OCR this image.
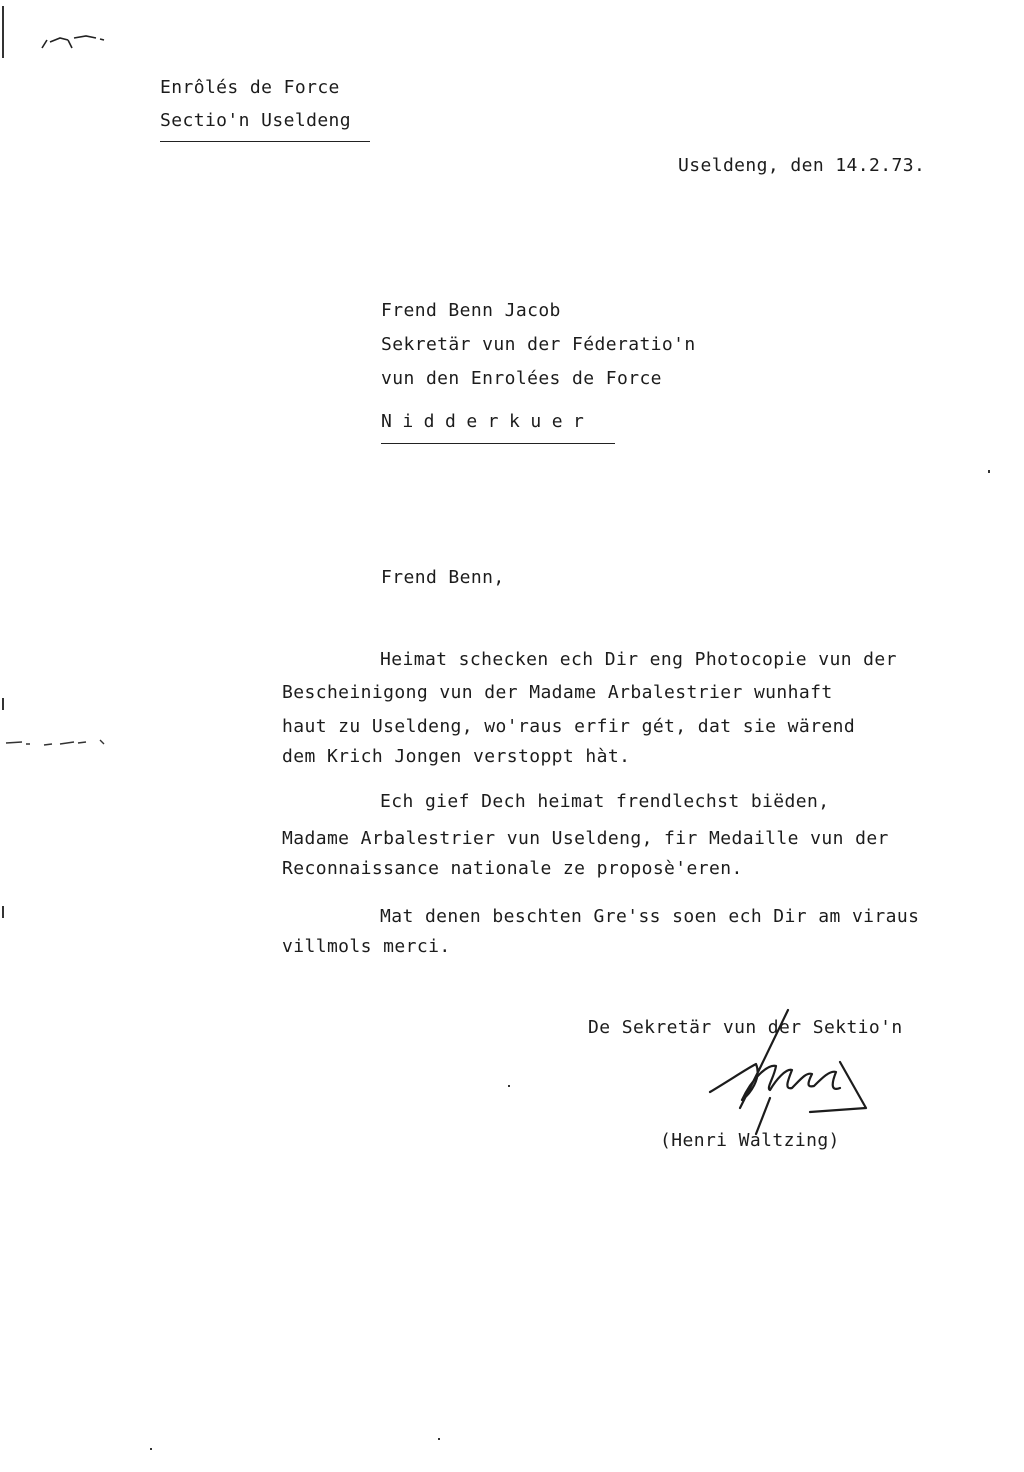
Enrôlés de Force
Sectio'n Useldeng
Useldeng, den 14.2.73.
Frend Benn Jacob
Sekretär vun der Féderatio'n
vun den Enrolées de Force
Nidderkuer
Frend Benn,
Heimat schecken ech Dir eng Photocopie vun der
Bescheinigong vun der Madame Arbalestrier wunhaft
haut zu Useldeng, wo'raus erfir gét, dat sie wärend
dem Krich Jongen verstoppt hàt.
Ech gief Dech heimat frendlechst biëden,
Madame Arbalestrier vun Useldeng, fir Medaille vun der
Reconnaissance nationale ze proposè'eren.
Mat denen beschten Gre'ss soen ech Dir am viraus
villmols merci.
De Sekretär vun der Sektio'n
(Henri Waltzing)
